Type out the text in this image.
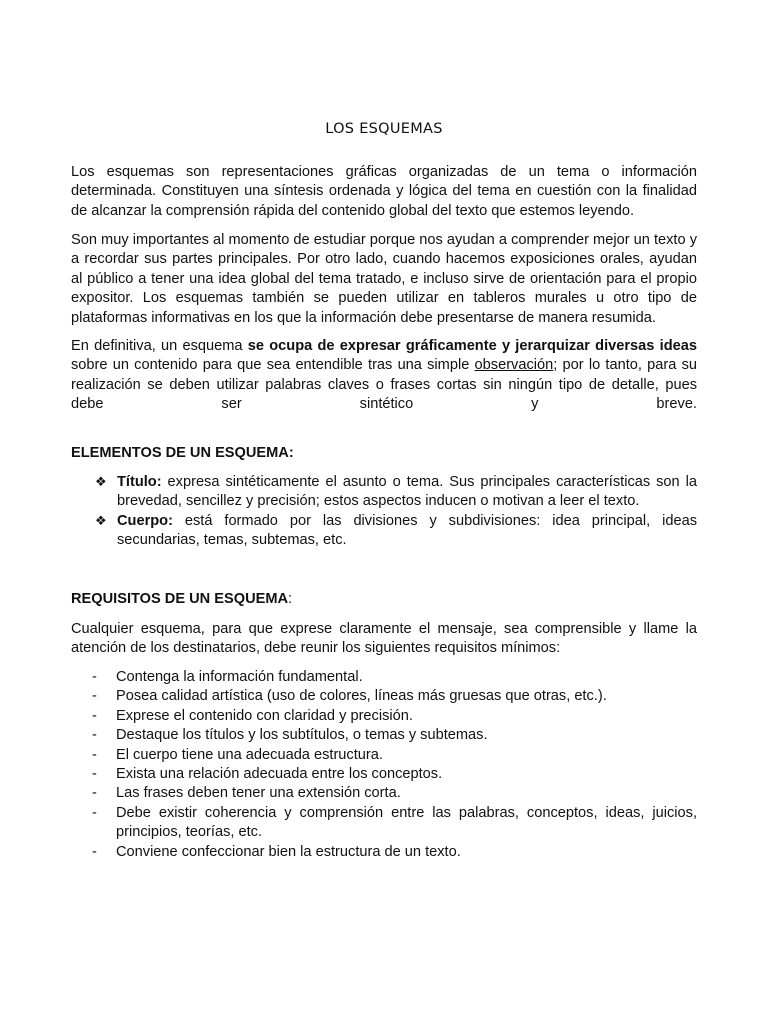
LOS ESQUEMAS

Los esquemas son representaciones gráficas organizadas de un tema o información determinada. Constituyen una síntesis ordenada y lógica del tema en cuestión con la finalidad de alcanzar la comprensión rápida del contenido global del texto que estemos leyendo.

Son muy importantes al momento de estudiar porque nos ayudan a comprender mejor un texto y a recordar sus partes principales. Por otro lado, cuando hacemos exposiciones orales, ayudan al público a tener una idea global del tema tratado, e incluso sirve de orientación para el propio expositor. Los esquemas también se pueden utilizar en tableros murales u otro tipo de plataformas informativas en los que la información debe presentarse de manera resumida.

En definitiva, un esquema se ocupa de expresar gráficamente y jerarquizar diversas ideas sobre un contenido para que sea entendible tras una simple observación; por lo tanto, para su realización se deben utilizar palabras claves o frases cortas sin ningún tipo de detalle, pues debe ser sintético y breve.

ELEMENTOS DE UN ESQUEMA:
❖ Título: expresa sintéticamente el asunto o tema. Sus principales características son la brevedad, sencillez y precisión; estos aspectos inducen o motivan a leer el texto.
❖ Cuerpo: está formado por las divisiones y subdivisiones: idea principal, ideas secundarias, temas, subtemas, etc.
REQUISITOS DE UN ESQUEMA:

Cualquier esquema, para que exprese claramente el mensaje, sea comprensible y llame la atención de los destinatarios, debe reunir los siguientes requisitos mínimos:

- Contenga la información fundamental.
- Posea calidad artística (uso de colores, líneas más gruesas que otras, etc.).
- Exprese el contenido con claridad y precisión.
- Destaque los títulos y los subtítulos, o temas y subtemas.
- El cuerpo tiene una adecuada estructura.
- Exista una relación adecuada entre los conceptos.
- Las frases deben tener una extensión corta.
- Debe existir coherencia y comprensión entre las palabras, conceptos, ideas, juicios, principios, teorías, etc.
- Conviene confeccionar bien la estructura de un texto.
